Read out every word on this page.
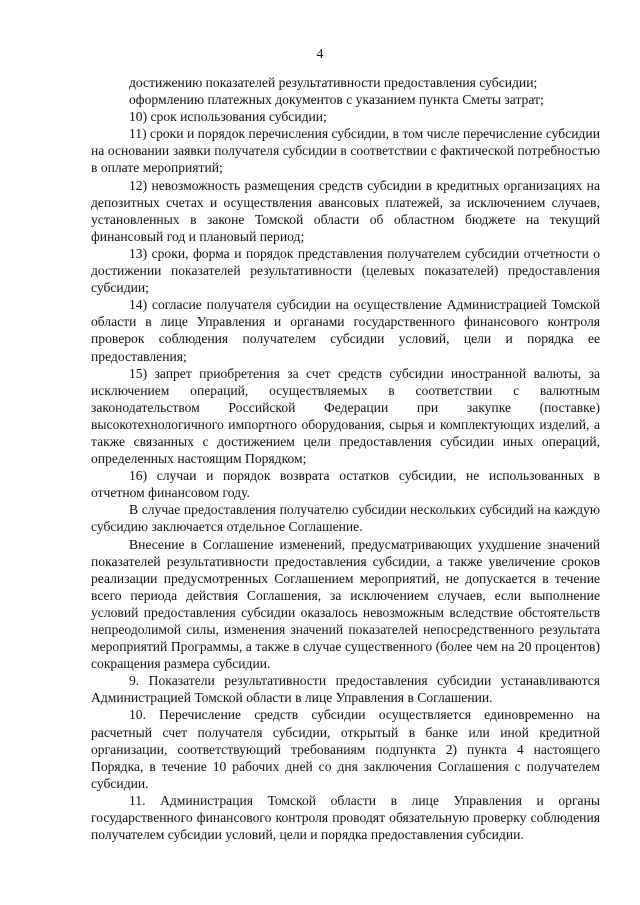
4

достижению показателей результативности предоставления субсидии;

оформлению платежных документов с указанием пункта Сметы затрат;

10) срок использования субсидии;

11) сроки и порядок перечисления субсидии, в том числе перечисление субсидии на основании заявки получателя субсидии в соответствии с фактической потребностью в оплате мероприятий;

12) невозможность размещения средств субсидии в кредитных организациях на депозитных счетах и осуществления авансовых платежей, за исключением случаев, установленных в законе Томской области об областном бюджете на текущий финансовый год и плановый период;

13) сроки, форма и порядок представления получателем субсидии отчетности о достижении показателей результативности (целевых показателей) предоставления субсидии;

14) согласие получателя субсидии на осуществление Администрацией Томской области в лице Управления и органами государственного финансового контроля проверок соблюдения получателем субсидии условий, цели и порядка ее предоставления;

15) запрет приобретения за счет средств субсидии иностранной валюты, за исключением операций, осуществляемых в соответствии с валютным законодательством Российской Федерации при закупке (поставке) высокотехнологичного импортного оборудования, сырья и комплектующих изделий, а также связанных с достижением цели предоставления субсидии иных операций, определенных настоящим Порядком;

16) случаи и порядок возврата остатков субсидии, не использованных в отчетном финансовом году.

В случае предоставления получателю субсидии нескольких субсидий на каждую субсидию заключается отдельное Соглашение.

Внесение в Соглашение изменений, предусматривающих ухудшение значений показателей результативности предоставления субсидии, а также увеличение сроков реализации предусмотренных Соглашением мероприятий, не допускается в течение всего периода действия Соглашения, за исключением случаев, если выполнение условий предоставления субсидии оказалось невозможным вследствие обстоятельств непреодолимой силы, изменения значений показателей непосредственного результата мероприятий Программы, а также в случае существенного (более чем на 20 процентов) сокращения размера субсидии.

9. Показатели результативности предоставления субсидии устанавливаются Администрацией Томской области в лице Управления в Соглашении.

10. Перечисление средств субсидии осуществляется единовременно на расчетный счет получателя субсидии, открытый в банке или иной кредитной организации, соответствующий требованиям подпункта 2) пункта 4 настоящего Порядка, в течение 10 рабочих дней со дня заключения Соглашения с получателем субсидии.

11. Администрация Томской области в лице Управления и органы государственного финансового контроля проводят обязательную проверку соблюдения получателем субсидии условий, цели и порядка предоставления субсидии.
